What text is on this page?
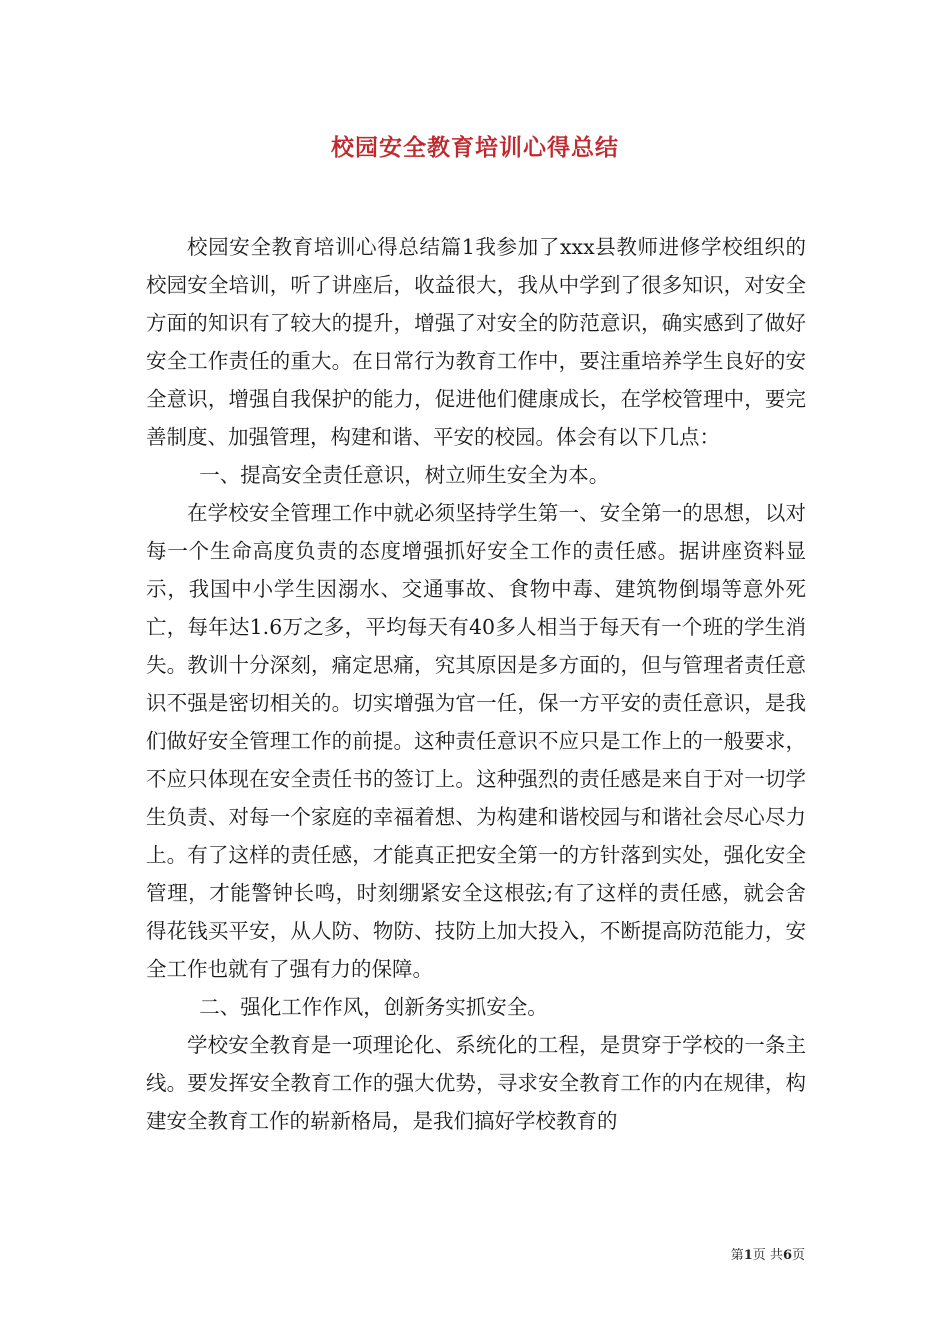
校园安全教育培训心得总结

校园安全教育培训心得总结篇1我参加了xxx县教师进修学校组织的校园安全培训，听了讲座后，收益很大，我从中学到了很多知识，对安全方面的知识有了较大的提升，增强了对安全的防范意识，确实感到了做好安全工作责任的重大。在日常行为教育工作中，要注重培养学生良好的安全意识，增强自我保护的能力，促进他们健康成长，在学校管理中，要完善制度、加强管理，构建和谐、平安的校园。体会有以下几点：

一、提高安全责任意识，树立师生安全为本。

在学校安全管理工作中就必须坚持学生第一、安全第一的思想，以对每一个生命高度负责的态度增强抓好安全工作的责任感。据讲座资料显示，我国中小学生因溺水、交通事故、食物中毒、建筑物倒塌等意外死亡，每年达1.6万之多，平均每天有40多人相当于每天有一个班的学生消失。教训十分深刻，痛定思痛，究其原因是多方面的，但与管理者责任意识不强是密切相关的。切实增强为官一任，保一方平安的责任意识，是我们做好安全管理工作的前提。这种责任意识不应只是工作上的一般要求，不应只体现在安全责任书的签订上。这种强烈的责任感是来自于对一切学生负责、对每一个家庭的幸福着想、为构建和谐校园与和谐社会尽心尽力上。有了这样的责任感，才能真正把安全第一的方针落到实处，强化安全管理，才能警钟长鸣，时刻绷紧安全这根弦;有了这样的责任感，就会舍得花钱买平安，从人防、物防、技防上加大投入，不断提高防范能力，安全工作也就有了强有力的保障。

二、强化工作作风，创新务实抓安全。

学校安全教育是一项理论化、系统化的工程，是贯穿于学校的一条主线。要发挥安全教育工作的强大优势，寻求安全教育工作的内在规律，构建安全教育工作的崭新格局，是我们搞好学校教育的

第1页 共6页
